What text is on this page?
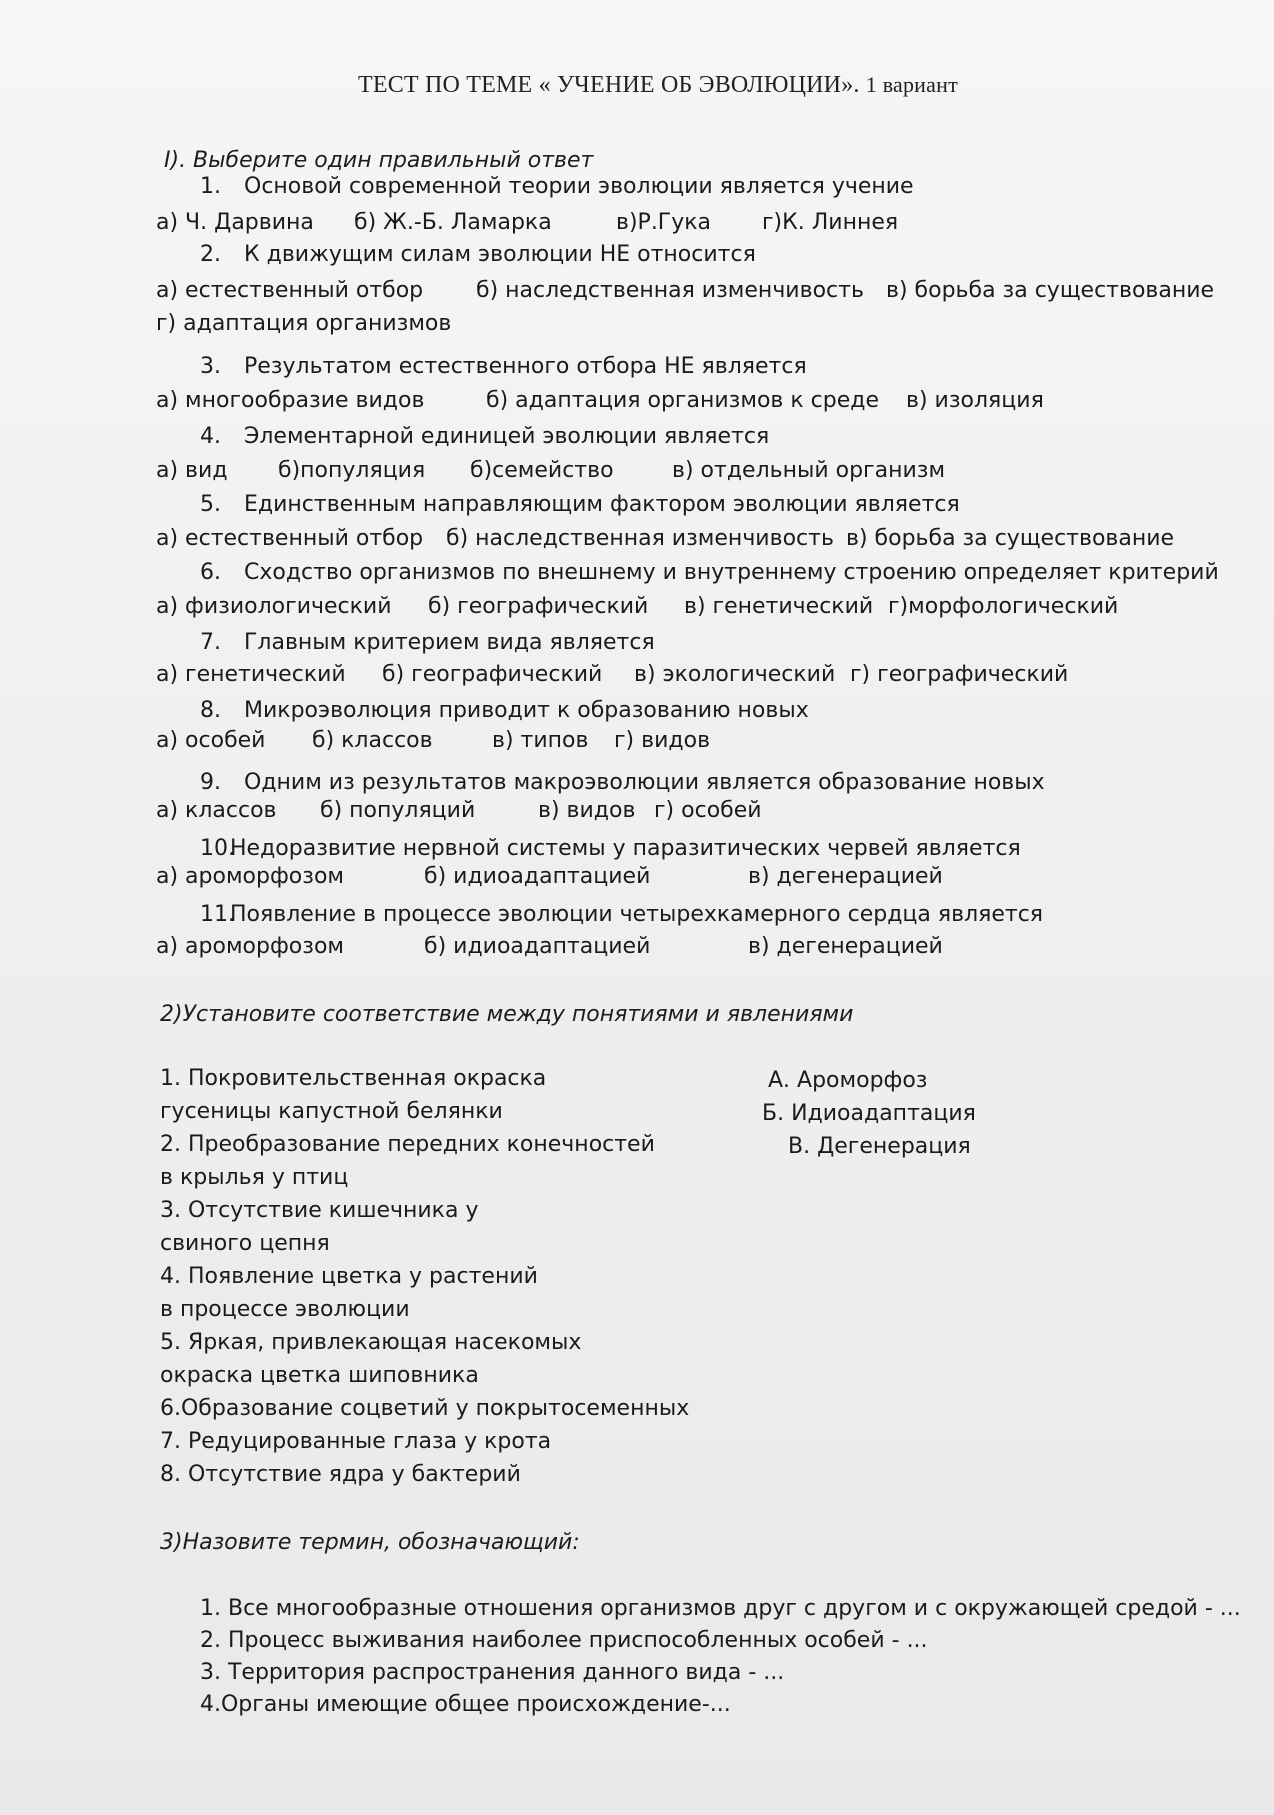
ТЕСТ ПО ТЕМЕ « УЧЕНИЕ ОБ ЭВОЛЮЦИИ». 1 вариант
I). Выберите один правильный ответ
1. Основой современной теории эволюции является учение
а) Ч. Дарвина б) Ж.-Б. Ламарка	в)Р.Гука г)К. Линнея
2. К движущим силам эволюции НЕ относится
а) естественный отбор б) наследственная изменчивость в) борьба за существование
г) адаптация организмов
3. Результатом естественного отбора НЕ является
а) многообразие видов	б) адаптация организмов к среде в) изоляция
4. Элементарной единицей эволюции является
а) вид б)популяция б)семейство	в) отдельный организм
5. Единственным направляющим фактором эволюции является
а) естественный отбор б) наследственная изменчивость в) борьба за существование
6. Сходство организмов по внешнему и внутреннему строению определяет критерий
а) физиологический б) географический в) генетический г)морфологический
7. Главным критерием вида является
а) генетический б) географический в) экологический г) географический
8. Микроэволюция приводит к образованию новых
а) особей б) классов	в) типов г) видов
9. Одним из результатов макроэволюции является образование новых
а) классов б) популяций	в) видов г) особей
10.Недоразвитие нервной системы у паразитических червей является
а) ароморфозом	б) идиоадаптацией	в) дегенерацией
11.Появление в процессе эволюции четырехкамерного сердца является
а) ароморфозом	б) идиоадаптацией	в) дегенерацией
2)Установите соответствие между понятиями и явлениями
1. Покровительственная окраска
гусеницы капустной белянки
2. Преобразование передних конечностей
в крылья у птиц
3. Отсутствие кишечника у
свиного цепня
4. Появление цветка у растений
в процессе эволюции
5. Яркая, привлекающая насекомых
окраска цветка шиповника
6.Образование соцветий у покрытосеменных
7. Редуцированные глаза у крота
8. Отсутствие ядра у бактерий
А. Ароморфоз
Б. Идиоадаптация
В. Дегенерация
3)Назовите термин, обозначающий:
1. Все многообразные отношения организмов друг с другом и с окружающей средой - ...
2. Процесс выживания наиболее приспособленных особей - ...
3. Территория распространения данного вида - ...
4.Органы имеющие общее происхождение-...
